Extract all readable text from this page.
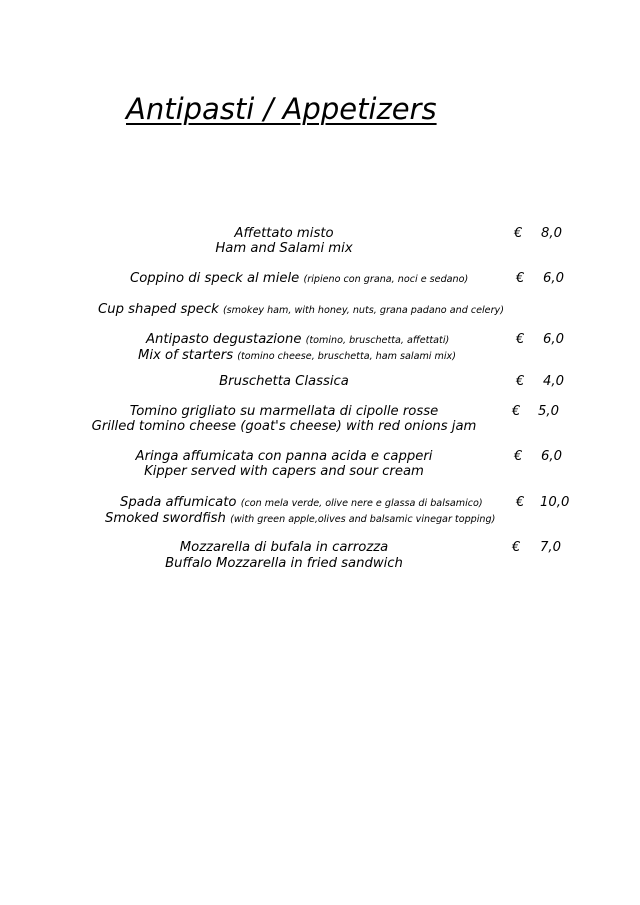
Antipasti / Appetizers
Affettato misto
Ham and Salami mix
€ 8,0
Coppino di speck al miele (ripieno con grana, noci e sedano)	€ 6,0
Cup shaped speck (smokey ham, with honey, nuts, grana padano and celery)
Antipasto degustazione (tomino, bruschetta, affettati)
Mix of starters (tomino cheese, bruschetta, ham salami mix)
€ 6,0
Bruschetta Classica	€ 4,0
Tomino grigliato su marmellata di cipolle rosse
Grilled tomino cheese (goat's cheese) with red onions jam
€ 5,0
Aringa affumicata con panna acida e capperi
Kipper served with capers and sour cream
€ 6,0
Spada affumicato (con mela verde, olive nere e glassa di balsamico)
Smoked swordfish (with green apple,olives and balsamic vinegar topping)
€ 10,0
Mozzarella di bufala in carrozza
Buffalo Mozzarella in fried sandwich
€ 7,0
